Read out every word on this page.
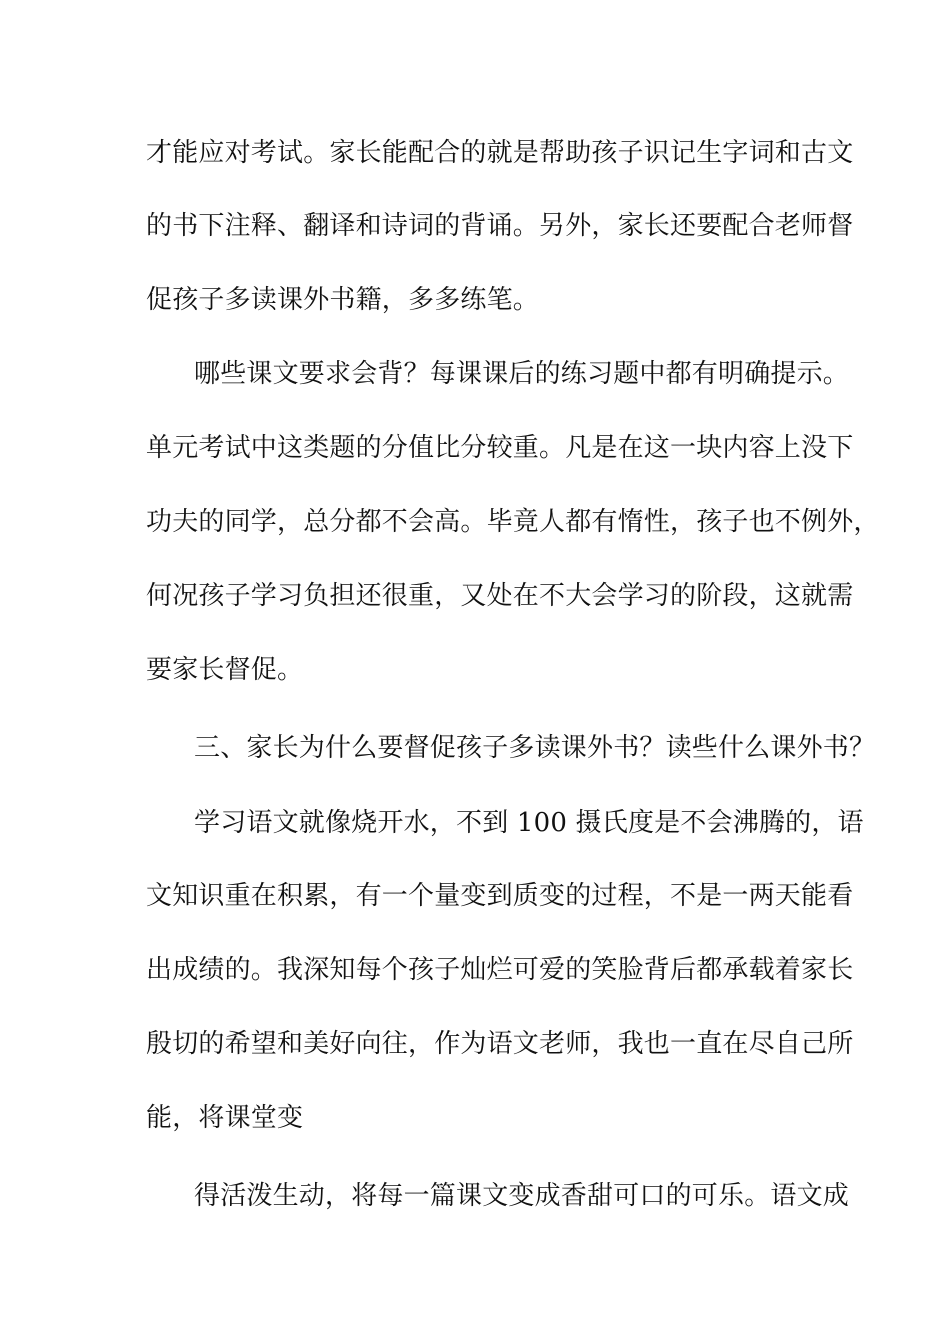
才能应对考试。家长能配合的就是帮助孩子识记生字词和古文
的书下注释、翻译和诗词的背诵。另外，家长还要配合老师督
促孩子多读课外书籍，多多练笔。
哪些课文要求会背？每课课后的练习题中都有明确提示。
单元考试中这类题的分值比分较重。凡是在这一块内容上没下
功夫的同学，总分都不会高。毕竟人都有惰性，孩子也不例外，
何况孩子学习负担还很重，又处在不大会学习的阶段，这就需
要家长督促。
三、家长为什么要督促孩子多读课外书？读些什么课外书？
学习语文就像烧开水，不到 100 摄氏度是不会沸腾的，语
文知识重在积累，有一个量变到质变的过程，不是一两天能看
出成绩的。我深知每个孩子灿烂可爱的笑脸背后都承载着家长
殷切的希望和美好向往，作为语文老师，我也一直在尽自己所
能，将课堂变
得活泼生动，将每一篇课文变成香甜可口的可乐。语文成
